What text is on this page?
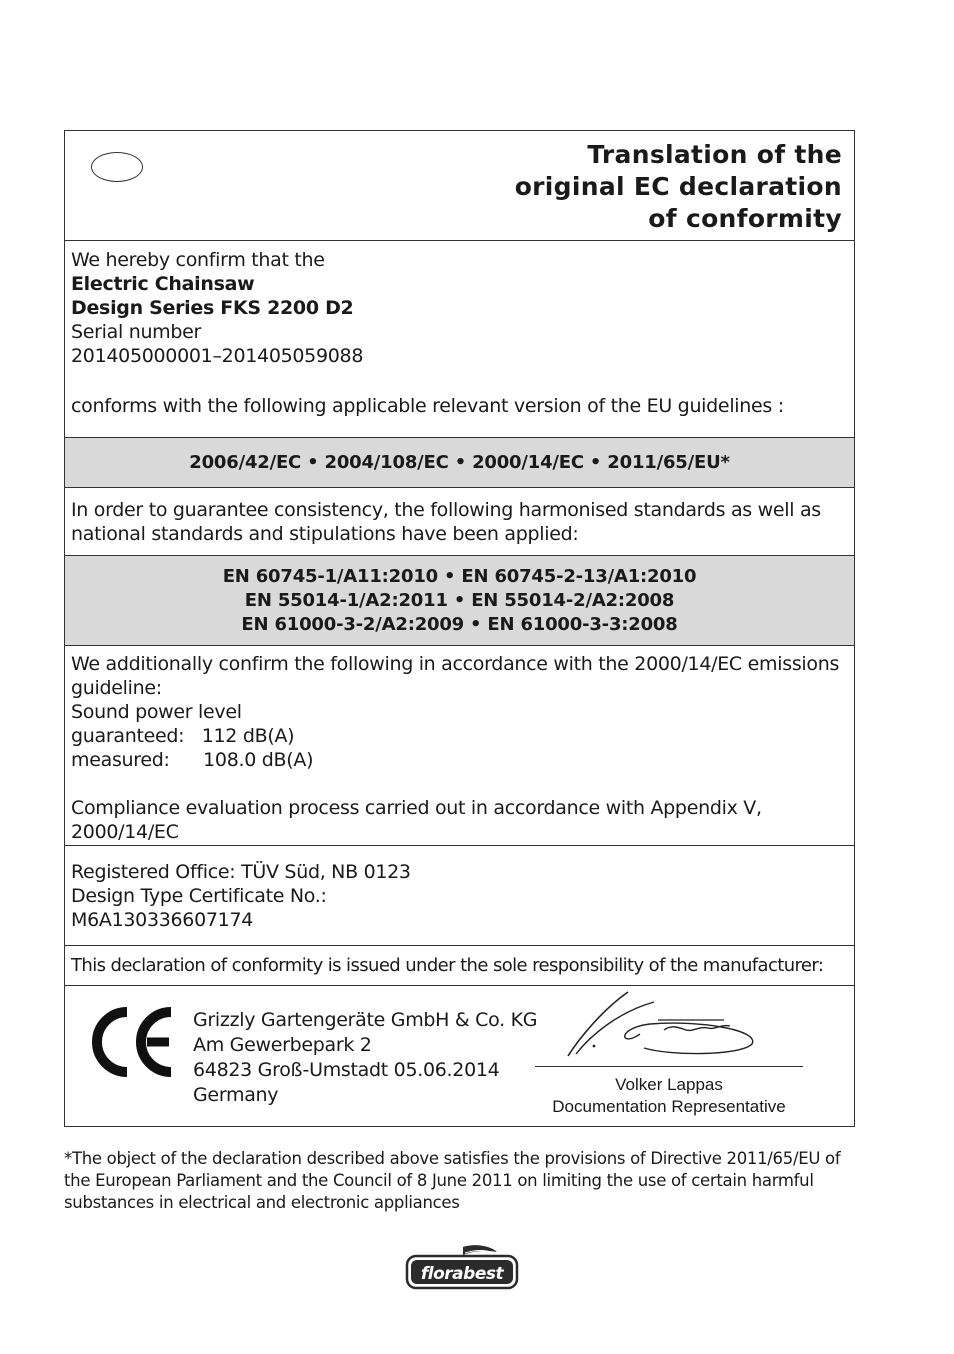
Translation of the
original EC declaration
of conformity
We hereby confirm that the
Electric Chainsaw
Design Series FKS 2200 D2
Serial number
201405000001–201405059088
conforms with the following applicable relevant version of the EU guidelines :
2006/42/EC • 2004/108/EC • 2000/14/EC • 2011/65/EU*
In order to guarantee consistency, the following harmonised standards as well as national standards and stipulations have been applied:
EN 60745-1/A11:2010 • EN 60745-2-13/A1:2010
EN 55014-1/A2:2011 • EN 55014-2/A2:2008
EN 61000-3-2/A2:2009 • EN 61000-3-3:2008
We additionally confirm the following in accordance with the 2000/14/EC emissions guideline:
Sound power level
guaranteed: 112 dB(A)
measured: 108.0 dB(A)
Compliance evaluation process carried out in accordance with Appendix V, 2000/14/EC
Registered Office: TÜV Süd, NB 0123
Design Type Certificate No.:
M6A130336607174
This declaration of conformity is issued under the sole responsibility of the manufacturer:
Grizzly Gartengeräte GmbH & Co. KG
Am Gewerbepark 2
64823 Groß-Umstadt 05.06.2014
Germany	Volker Lappas
Documentation Representative
*The object of the declaration described above satisfies the provisions of Directive 2011/65/EU of the European Parliament and the Council of 8 June 2011 on limiting the use of certain harmful substances in electrical and electronic appliances
florabest
